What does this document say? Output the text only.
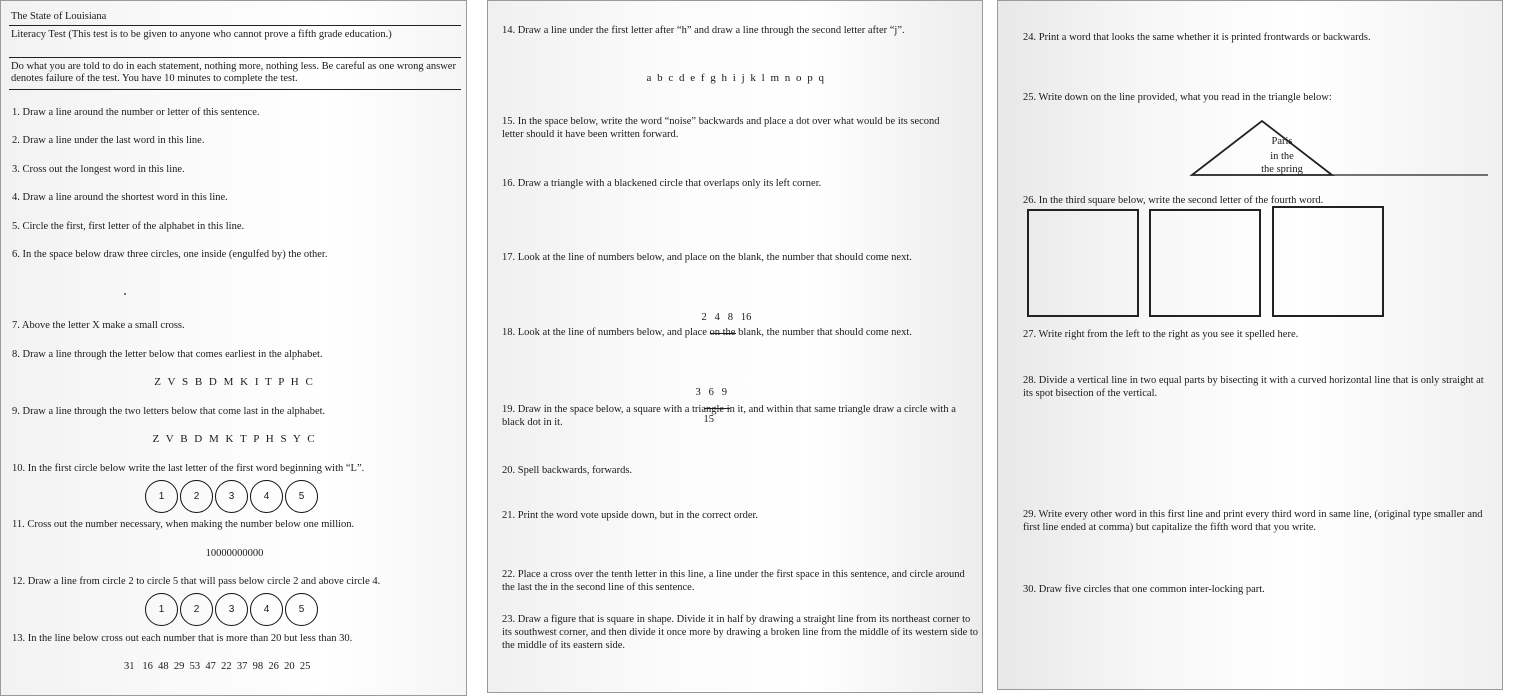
The State of Louisiana
Literacy Test (This test is to be given to anyone who cannot prove a fifth grade education.)
Do what you are told to do in each statement, nothing more, nothing less. Be careful as one wrong answer denotes failure of the test. You have 10 minutes to complete the test.
1. Draw a line around the number or letter of this sentence.
2. Draw a line under the last word in this line.
3. Cross out the longest word in this line.
4. Draw a line around the shortest word in this line.
5. Circle the first, first letter of the alphabet in this line.
6. In the space below draw three circles, one inside (engulfed by) the other.
7. Above the letter X make a small cross.
8. Draw a line through the letter below that comes earliest in the alphabet.
Z V S B D M K I T P H C
9. Draw a line through the two letters below that come last in the alphabet.
Z V B D M K T P H S Y C
10. In the first circle below write the last letter of the first word beginning with “L”.
1	2	3	4	5
11. Cross out the number necessary, when making the number below one million.
10000000000
12. Draw a line from circle 2 to circle 5 that will pass below circle 2 and above circle 4.
1	2	3	4	5
13. In the line below cross out each number that is more than 20 but less than 30.
31   16  48  29  53  47  22  37  98  26  20  25
14. Draw a line under the first letter after “h” and draw a line through the second letter after “j”.
a b c d e f g h i j k l m n o p q
15. In the space below, write the word “noise” backwards and place a dot over what would be its second letter should it have been written forward.
16. Draw a triangle with a blackened circle that overlaps only its left corner.
17. Look at the line of numbers below, and place on the blank, the number that should come next.

2   4   8   16

18. Look at the line of numbers below, and place on the blank, the number that should come next.

3   6   9

15

19. Draw in the space below, a square with a triangle in it, and within that same triangle draw a circle with a black dot in it.
20. Spell backwards, forwards.
21. Print the word vote upside down, but in the correct order.
22. Place a cross over the tenth letter in this line, a line under the first space in this sentence, and circle around the last the in the second line of this sentence.
23. Draw a figure that is square in shape. Divide it in half by drawing a straight line from its northeast corner to its southwest corner, and then divide it once more by drawing a broken line from the middle of its western side to the middle of its eastern side.
24. Print a word that looks the same whether it is printed frontwards or backwards.
25. Write down on the line provided, what you read in the triangle below:
Paris
in the
the spring
26. In the third square below, write the second letter of the fourth word.
27. Write right from the left to the right as you see it spelled here.
28. Divide a vertical line in two equal parts by bisecting it with a curved horizontal line that is only straight at its spot bisection of the vertical.
29. Write every other word in this first line and print every third word in same line, (original type smaller and first line ended at comma) but capitalize the fifth word that you write.
30. Draw five circles that one common inter-locking part.
